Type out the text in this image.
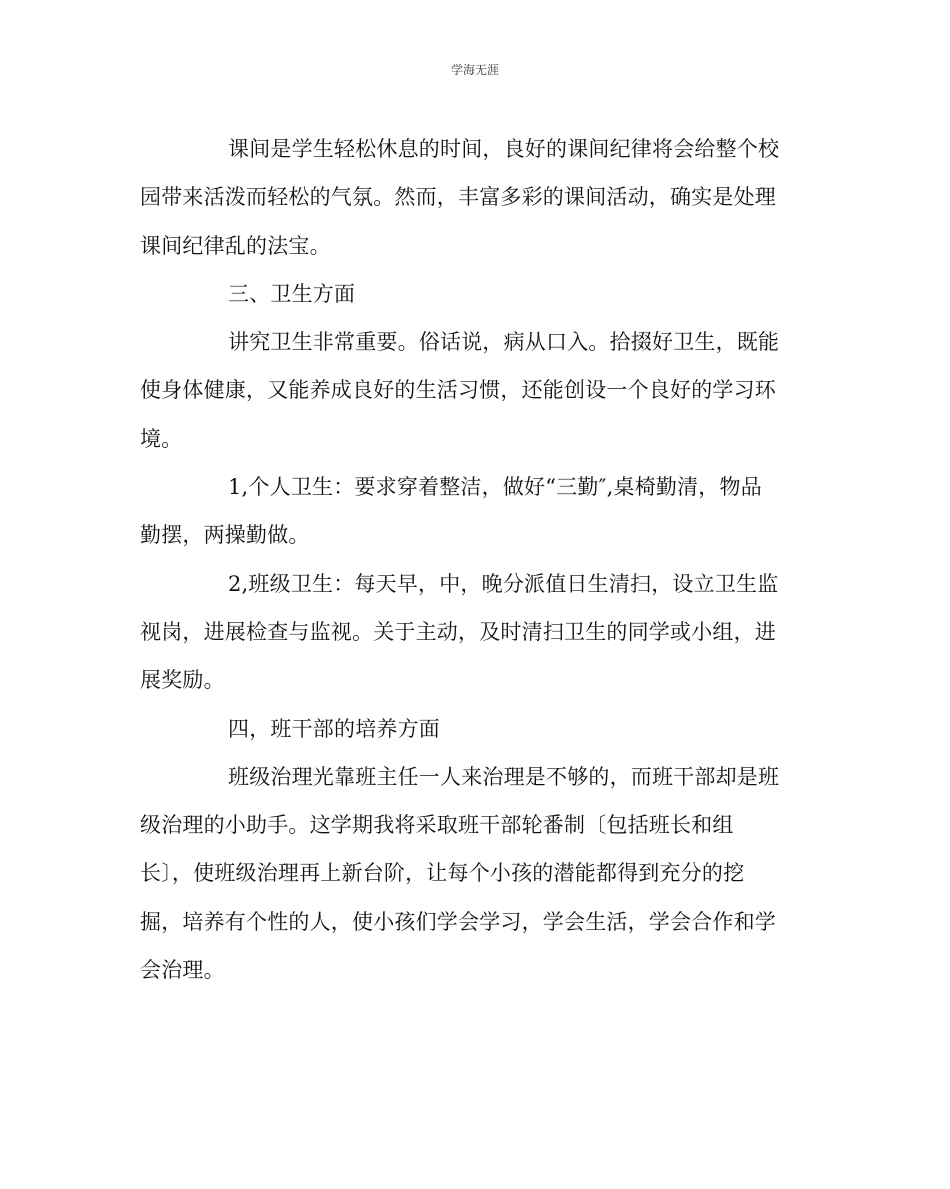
学海无涯
课间是学生轻松休息的时间，良好的课间纪律将会给整个校
园带来活泼而轻松的气氛。然而，丰富多彩的课间活动，确实是处理
课间纪律乱的法宝。
三、卫生方面
讲究卫生非常重要。俗话说，病从口入。拾掇好卫生，既能
使身体健康，又能养成良好的生活习惯，还能创设一个良好的学习环
境。
1,个人卫生：要求穿着整洁，做好“三勤″,桌椅勤清，物品
勤摆，两操勤做。
2,班级卫生：每天早，中，晚分派值日生清扫，设立卫生监
视岗，进展检查与监视。关于主动，及时清扫卫生的同学或小组，进
展奖励。
四，班干部的培养方面
班级治理光靠班主任一人来治理是不够的，而班干部却是班
级治理的小助手。这学期我将采取班干部轮番制〔包括班长和组
长〕，使班级治理再上新台阶，让每个小孩的潜能都得到充分的挖
掘，培养有个性的人，使小孩们学会学习，学会生活，学会合作和学
会治理。
